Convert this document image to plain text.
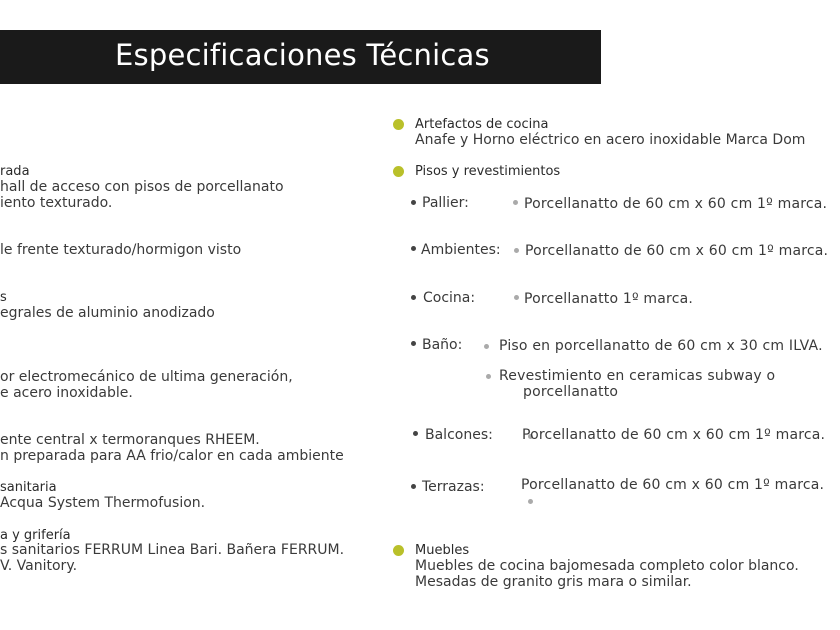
Especificaciones Técnicas
rada
hall de acceso con pisos de porcellanato
iento texturado.
le frente texturado/hormigon visto
s
egrales de aluminio anodizado
or electromecánico de ultima generación,
e acero inoxidable.
ente central x termoranques RHEEM.
n preparada para AA frio/calor en cada ambiente
sanitaria
Acqua System Thermofusion.
a y grifería
s sanitarios FERRUM Linea Bari. Bañera FERRUM.
V. Vanitory.
Artefactos de cocina
Anafe y Horno eléctrico en acero inoxidable Marca Dom
Pisos y revestimientos
Pallier:	Porcellanatto de 60 cm x 60 cm 1º marca.
Ambientes: Porcellanatto de 60 cm x 60 cm 1º marca.
Cocina:	Porcellanatto 1º marca.
Baño:	Piso en porcellanatto de 60 cm x 30 cm ILVA.
Revestimiento en ceramicas subway o
porcellanatto
Balcones: Porcellanatto de 60 cm x 60 cm 1º marca.
Terrazas:	Porcellanatto de 60 cm x 60 cm 1º marca.
Muebles
Muebles de cocina bajomesada completo color blanco.
Mesadas de granito gris mara o similar.
